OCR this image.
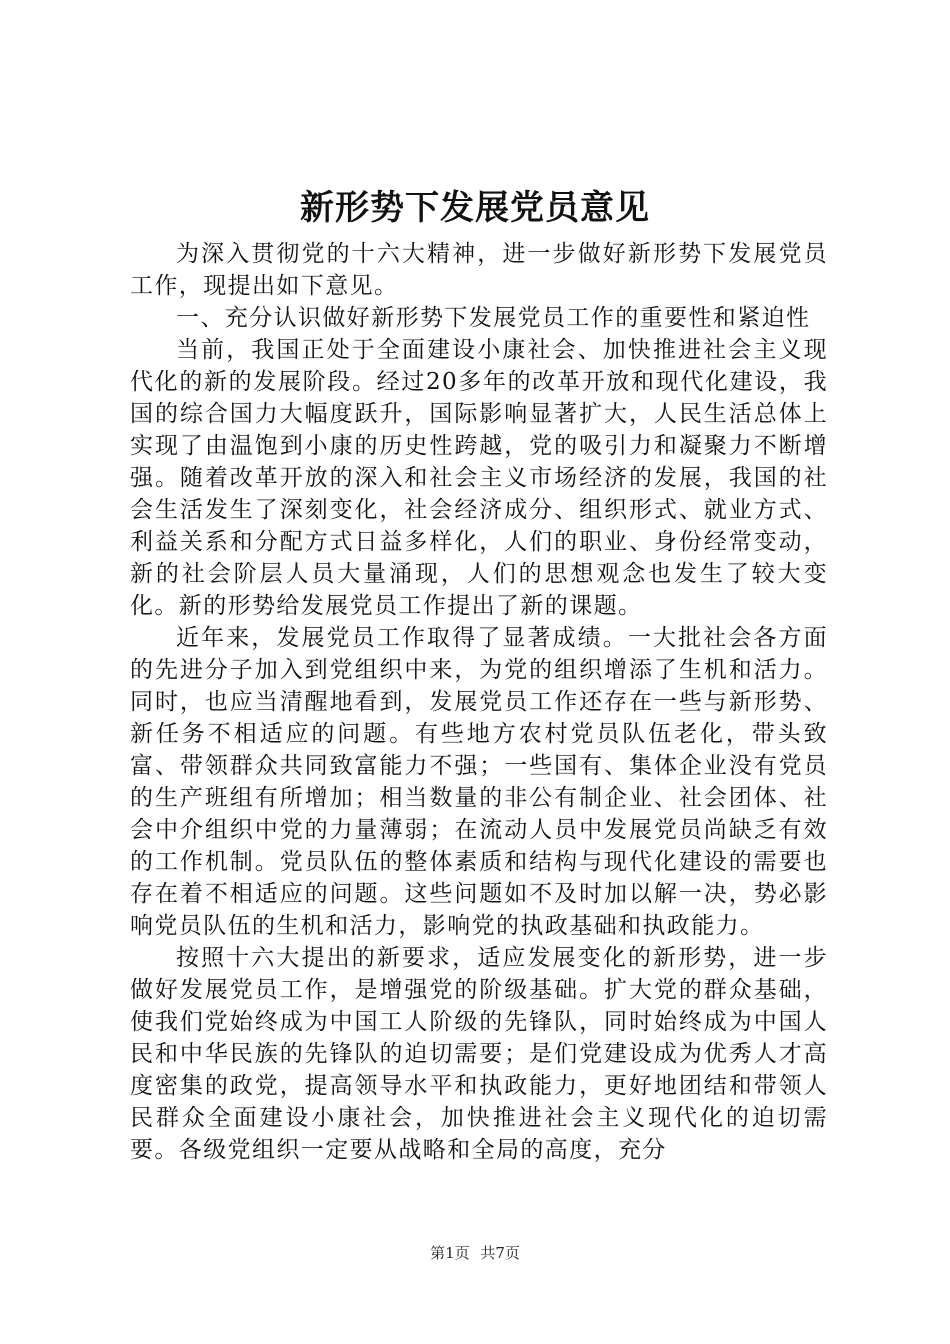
新形势下发展党员意见

为深入贯彻党的十六大精神，进一步做好新形势下发展党员工作，现提出如下意见。

一、充分认识做好新形势下发展党员工作的重要性和紧迫性

当前，我国正处于全面建设小康社会、加快推进社会主义现代化的新的发展阶段。经过20多年的改革开放和现代化建设，我国的综合国力大幅度跃升，国际影响显著扩大，人民生活总体上实现了由温饱到小康的历史性跨越，党的吸引力和凝聚力不断增强。随着改革开放的深入和社会主义市场经济的发展，我国的社会生活发生了深刻变化，社会经济成分、组织形式、就业方式、利益关系和分配方式日益多样化，人们的职业、身份经常变动，新的社会阶层人员大量涌现，人们的思想观念也发生了较大变化。新的形势给发展党员工作提出了新的课题。

近年来，发展党员工作取得了显著成绩。一大批社会各方面的先进分子加入到党组织中来，为党的组织增添了生机和活力。同时，也应当清醒地看到，发展党员工作还存在一些与新形势、新任务不相适应的问题。有些地方农村党员队伍老化，带头致富、带领群众共同致富能力不强；一些国有、集体企业没有党员的生产班组有所增加；相当数量的非公有制企业、社会团体、社会中介组织中党的力量薄弱；在流动人员中发展党员尚缺乏有效的工作机制。党员队伍的整体素质和结构与现代化建设的需要也存在着不相适应的问题。这些问题如不及时加以解一决，势必影响党员队伍的生机和活力，影响党的执政基础和执政能力。

按照十六大提出的新要求，适应发展变化的新形势，进一步做好发展党员工作，是增强党的阶级基础。扩大党的群众基础，使我们党始终成为中国工人阶级的先锋队，同时始终成为中国人民和中华民族的先锋队的迫切需要；是们党建设成为优秀人才高度密集的政党，提高领导水平和执政能力，更好地团结和带领人民群众全面建设小康社会，加快推进社会主义现代化的迫切需要。各级党组织一定要从战略和全局的高度，充分

第1页 共7页
